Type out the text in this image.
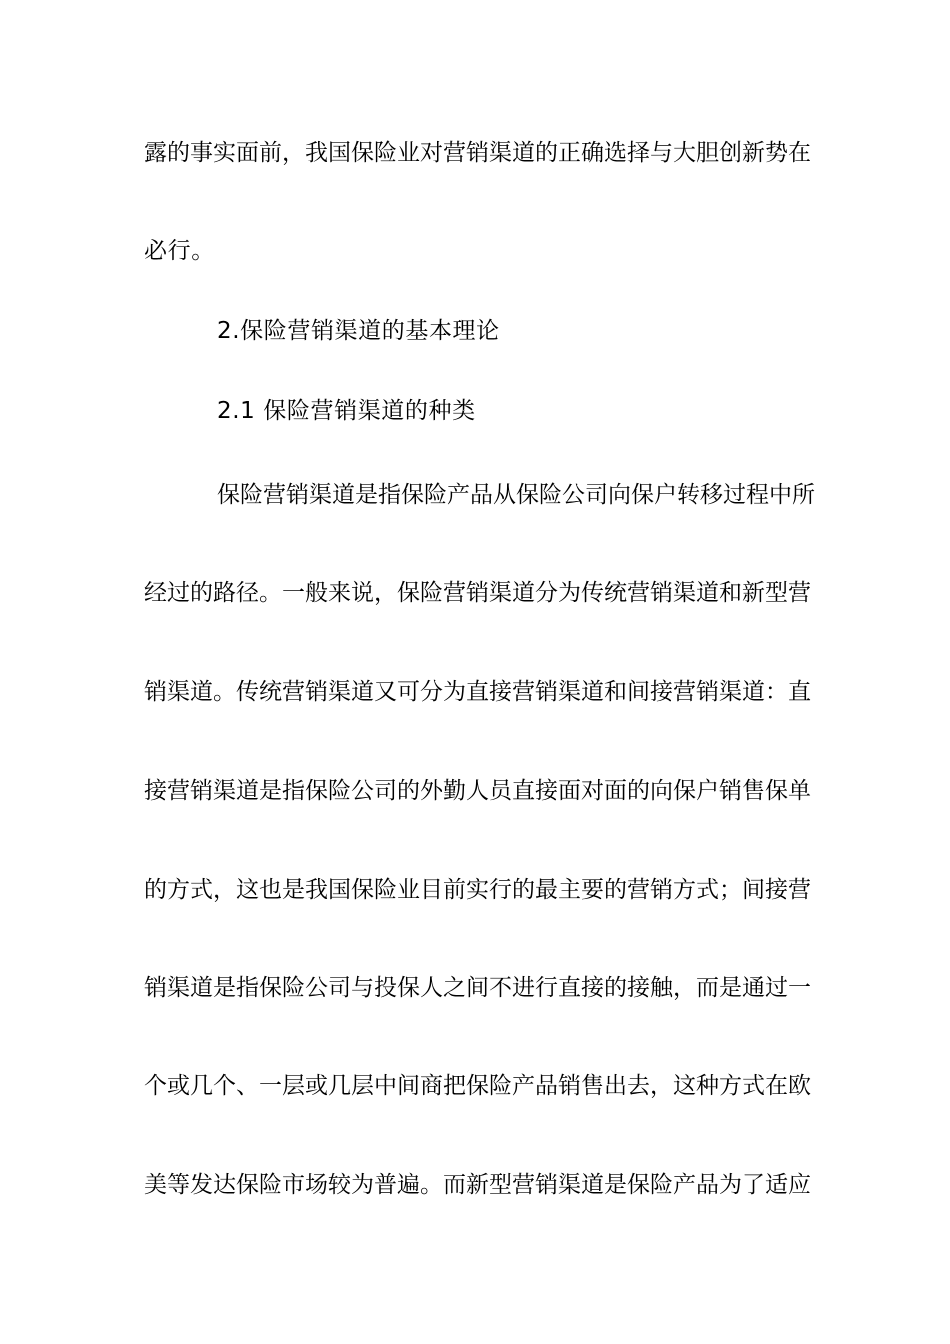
露的事实面前，我国保险业对营销渠道的正确选择与大胆创新势在
必行。
2.保险营销渠道的基本理论
2.1 保险营销渠道的种类
保险营销渠道是指保险产品从保险公司向保户转移过程中所
经过的路径。一般来说，保险营销渠道分为传统营销渠道和新型营
销渠道。传统营销渠道又可分为直接营销渠道和间接营销渠道：直
接营销渠道是指保险公司的外勤人员直接面对面的向保户销售保单
的方式，这也是我国保险业目前实行的最主要的营销方式；间接营
销渠道是指保险公司与投保人之间不进行直接的接触，而是通过一
个或几个、一层或几层中间商把保险产品销售出去，这种方式在欧
美等发达保险市场较为普遍。而新型营销渠道是保险产品为了适应
